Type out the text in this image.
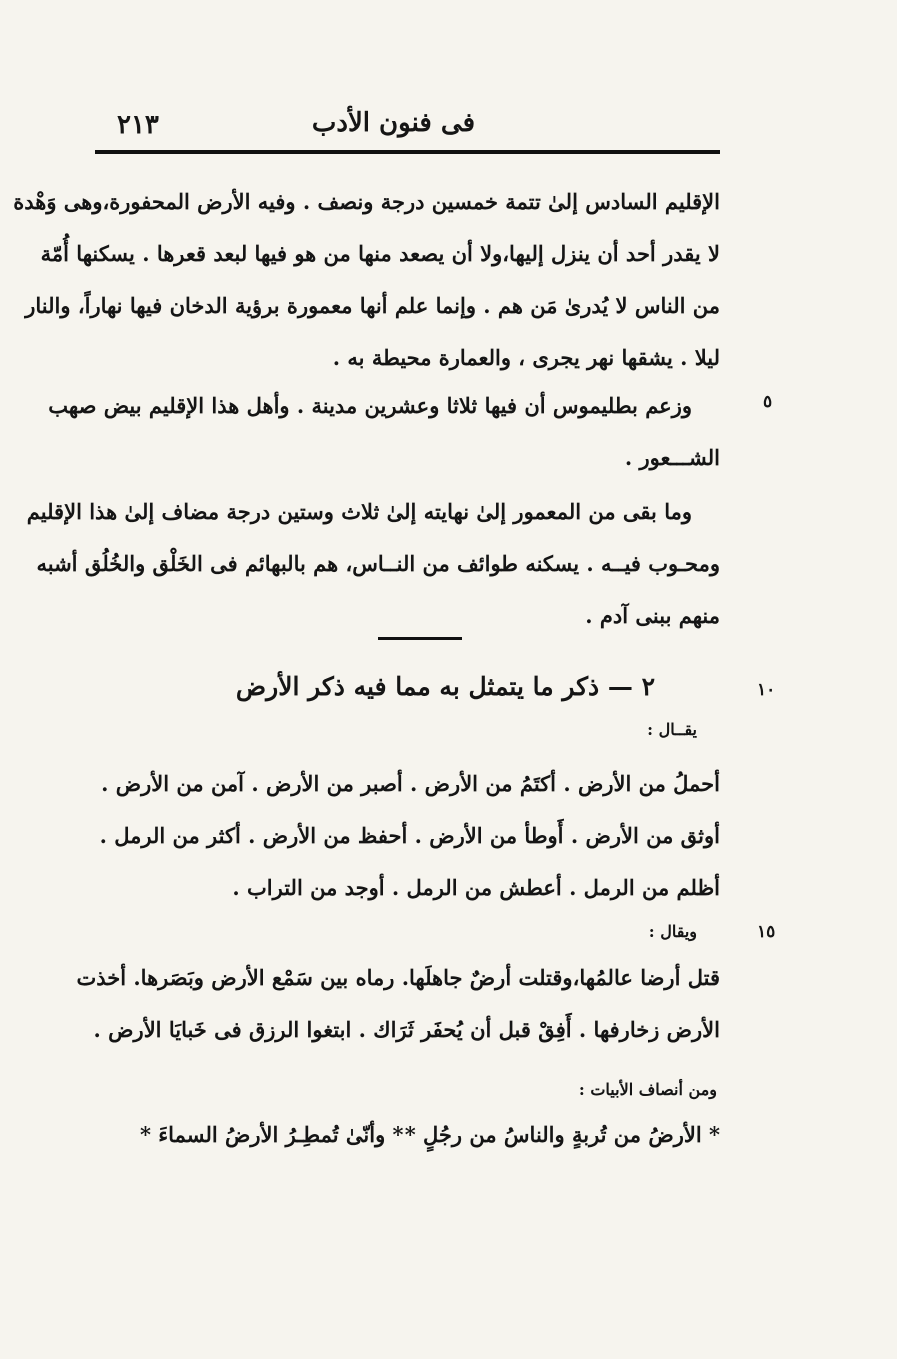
٢١٣	فى فنون الأدب
الإقليم السادس إلىٰ تتمة خمسين درجة ونصف . وفيه الأرض المحفورة،وهى وَهْدة
لا يقدر أحد أن ينزل إليها،ولا أن يصعد منها من هو فيها لبعد قعرها . يسكنها أُمّة
من الناس لا يُدرىٰ مَن هم . وإنما علم أنها معمورة برؤية الدخان فيها نهاراً، والنار
ليلا . يشقها نهر يجرى ، والعمارة محيطة به .
وزعم بطليموس أن فيها ثلاثا وعشرين مدينة . وأهل هذا الإقليم بيض صهب
الشـــعور .
٥
وما بقى من المعمور إلىٰ نهايته إلىٰ ثلاث وستين درجة مضاف إلىٰ هذا الإقليم
ومحـوب فيــه . يسكنه طوائف من النــاس، هم بالبهائم فى الخَلْق والخُلُق أشبه
منهم ببنى آدم .
٢ — ذكر ما يتمثل به مما فيه ذكر الأرض	١٠
يقــال :
أحملُ من الأرض . أكتَمُ من الأرض . أصبر من الأرض . آمن من الأرض .
أوثق من الأرض . أَوطأ من الأرض . أحفظ من الأرض . أكثر من الرمل .
أظلم من الرمل . أعطش من الرمل . أوجد من التراب .
ويقال :	١٥
قتل أرضا عالمُها،وقتلت أرضٌ جاهلَها. رماه بين سَمْع الأرض وبَصَرها. أخذت
الأرض زخارفها . أَفِقْ قبل أن يُحفَر ثَرَاك . ابتغوا الرزق فى خَبايَا الأرض .
ومن أنصاف الأبيات :
* الأرضُ من تُربةٍ والناسُ من رجُلٍ *
* وأنّىٰ تُمطِـرُ الأرضُ السماءَ *
